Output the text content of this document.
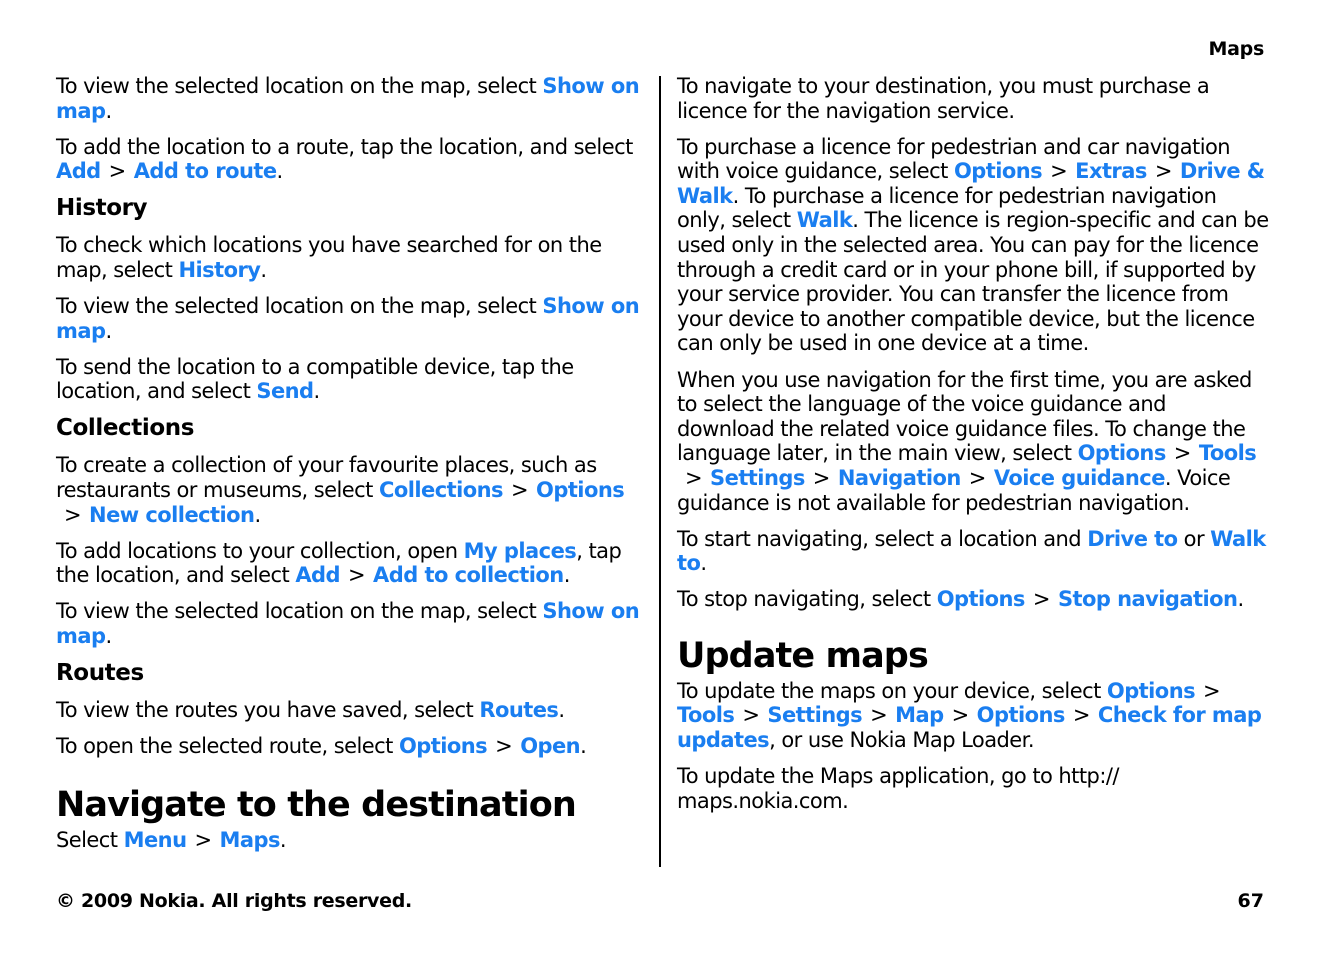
Maps

To view the selected location on the map, select Show on map.

To add the location to a route, tap the location, and select Add > Add to route.

History

To check which locations you have searched for on the map, select History.

To view the selected location on the map, select Show on map.

To send the location to a compatible device, tap the location, and select Send.

Collections

To create a collection of your favourite places, such as restaurants or museums, select Collections > Options> New collection.

To add locations to your collection, open My places, tap the location, and select Add > Add to collection.

To view the selected location on the map, select Show on map.

Routes

To view the routes you have saved, select Routes.

To open the selected route, select Options > Open.

Navigate to the destination

Select Menu > Maps.

To navigate to your destination, you must purchase a licence for the navigation service.

To purchase a licence for pedestrian and car navigation with voice guidance, select Options > Extras > Drive & Walk. To purchase a licence for pedestrian navigation only, select Walk. The licence is region-specific and can be used only in the selected area. You can pay for the licence through a credit card or in your phone bill, if supported by your service provider. You can transfer the licence from your device to another compatible device, but the licence can only be used in one device at a time.

When you use navigation for the first time, you are asked to select the language of the voice guidance and download the related voice guidance files. To change the language later, in the main view, select Options > Tools> Settings > Navigation > Voice guidance. Voice guidance is not available for pedestrian navigation.

To start navigating, select a location and Drive to or Walk to.

To stop navigating, select Options > Stop navigation.

Update maps

To update the maps on your device, select Options >Tools > Settings > Map > Options > Check for map updates, or use Nokia Map Loader.

To update the Maps application, go to http://
maps.nokia.com.

© 2009 Nokia. All rights reserved.	67
